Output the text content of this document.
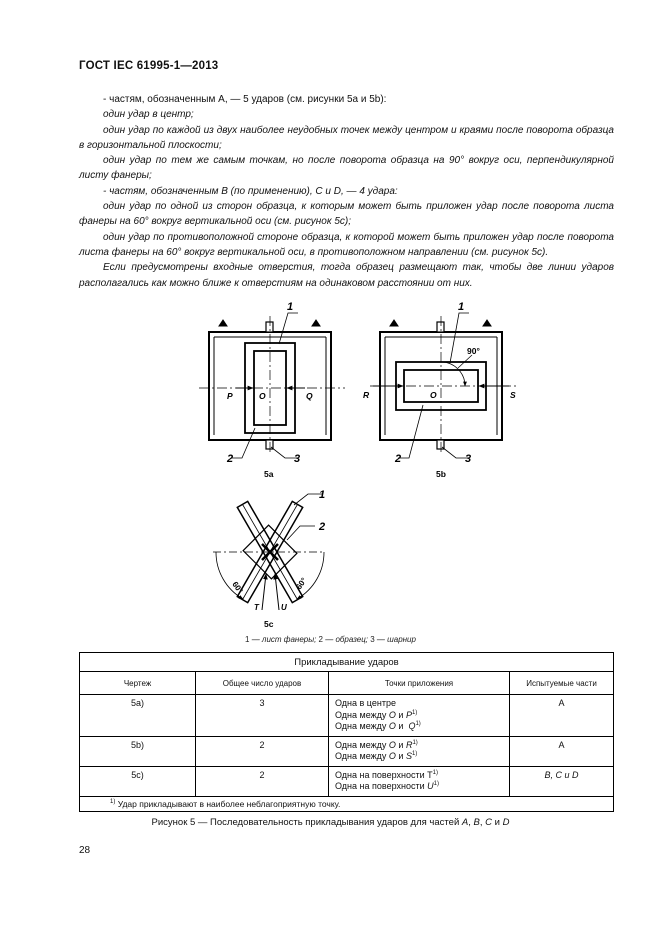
ГОСТ IEC 61995-1—2013

- частям, обозначенным А, — 5 ударов (см. рисунки 5а и 5b):

один удар в центр;

один удар по каждой из двух наиболее неудобных точек между центром и краями после поворота образца в горизонтальной плоскости;

один удар по тем же самым точкам, но после поворота образца на 90° вокруг оси, перпендикулярной листу фанеры;

- частям, обозначенным В (по применению), С и D, — 4 удара:

один удар по одной из сторон образца, к которым может быть приложен удар после поворота листа фанеры на 60° вокруг вертикальной оси (см. рисунок 5с);

один удар по противоположной стороне образца, к которой может быть приложен удар после поворота листа фанеры на 60° вокруг вертикальной оси, в противоположном направлении (см. рисунок 5с).

Если предусмотрены входные отверстия, тогда образец размещают так, чтобы две линии ударов располагались как можно ближе к отверстиям на одинаковом расстоянии от них.

1
2	3
P	Q
O
5а
1
2	3
90°
R	S
O
5b
1
2
60°	60°
T	U
5с
1 — лист фанеры; 2 — образец; 3 — шарнир
Прикладывание ударов			
Чертеж	Общее число ударов	Точки приложения	Испытуемые части
5a)	3	Одна в центре
Одна между O и $P^{1)}$
Одна между O и  $Q^{1)}$	A
5b)	2	Одна между O и $R^{1)}$
Одна между O и $S^{1)}$	A
5c)	2	Одна на поверхности $Т^{1)}$
Одна на поверхности $U^{1)}$	B, C и D
$^{1)}$ Удар прикладывают в наиболее неблагоприятную точку.			
Рисунок 5 — Последовательность прикладывания ударов для частей А, В, С и D
28
